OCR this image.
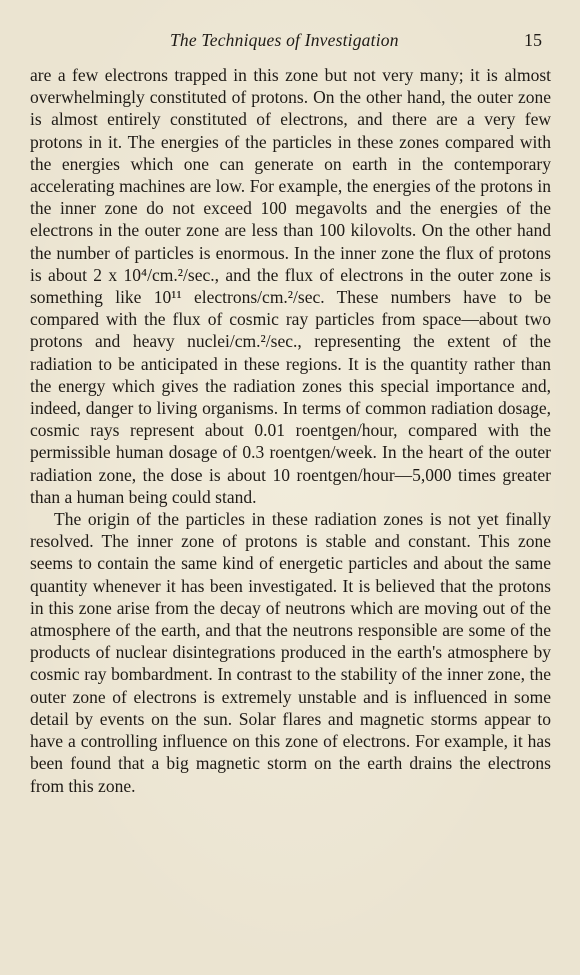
The Techniques of Investigation	15

are a few electrons trapped in this zone but not very many; it is almost overwhelmingly constituted of protons. On the other hand, the outer zone is almost entirely constituted of electrons, and there are a very few protons in it. The energies of the particles in these zones compared with the energies which one can generate on earth in the contemporary accelerating machines are low. For example, the energies of the protons in the inner zone do not exceed 100 megavolts and the energies of the electrons in the outer zone are less than 100 kilovolts. On the other hand the number of particles is enormous. In the inner zone the flux of protons is about 2 x 10⁴/cm.²/sec., and the flux of electrons in the outer zone is something like 10¹¹ electrons/cm.²/sec. These numbers have to be compared with the flux of cosmic ray particles from space—about two protons and heavy nuclei/cm.²/sec., representing the extent of the radiation to be anticipated in these regions. It is the quantity rather than the energy which gives the radiation zones this special importance and, indeed, danger to living organisms. In terms of common radiation dosage, cosmic rays represent about 0.01 roentgen/hour, compared with the permissible human dosage of 0.3 roentgen/week. In the heart of the outer radiation zone, the dose is about 10 roentgen/hour—5,000 times greater than a human being could stand.

The origin of the particles in these radiation zones is not yet finally resolved. The inner zone of protons is stable and constant. This zone seems to contain the same kind of energetic particles and about the same quantity whenever it has been investigated. It is believed that the protons in this zone arise from the decay of neutrons which are moving out of the atmosphere of the earth, and that the neutrons responsible are some of the products of nuclear disintegrations produced in the earth's atmosphere by cosmic ray bombardment. In contrast to the stability of the inner zone, the outer zone of electrons is extremely unstable and is influenced in some detail by events on the sun. Solar flares and magnetic storms appear to have a controlling influence on this zone of electrons. For example, it has been found that a big magnetic storm on the earth drains the electrons from this zone.
